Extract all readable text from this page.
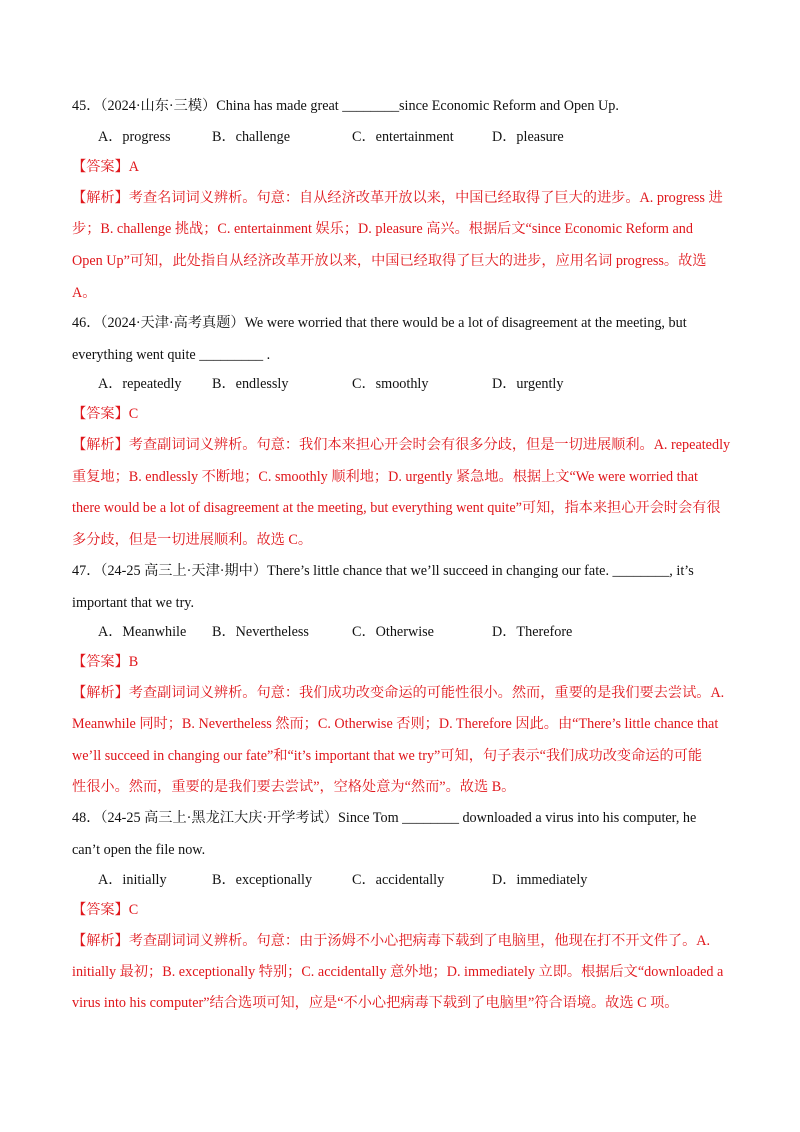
45．（2024·山东·三模）China has made great ________since Economic Reform and Open Up.
A．progress	B．challenge	C．entertainment	D．pleasure
【答案】A
【解析】考查名词词义辨析。句意：自从经济改革开放以来，中国已经取得了巨大的进步。A. progress 进
步；B. challenge 挑战；C. entertainment 娱乐；D. pleasure 高兴。根据后文“since Economic Reform and
Open Up”可知，此处指自从经济改革开放以来，中国已经取得了巨大的进步，应用名词 progress。故选
A。
46．（2024·天津·高考真题）We were worried that there would be a lot of disagreement at the meeting, but
everything went quite _________ .
A．repeatedly B．endlessly	C．smoothly	D．urgently
【答案】C
【解析】考查副词词义辨析。句意：我们本来担心开会时会有很多分歧，但是一切进展顺利。A. repeatedly
重复地；B. endlessly 不断地；C. smoothly 顺利地；D. urgently 紧急地。根据上文“We were worried that
there would be a lot of disagreement at the meeting, but everything went quite”可知，指本来担心开会时会有很
多分歧，但是一切进展顺利。故选 C。
47．（24-25 高三上·天津·期中）There’s little chance that we’ll succeed in changing our fate. ________, it’s
important that we try.
A．Meanwhile B．Nevertheless	C．Otherwise	D．Therefore
【答案】B
【解析】考查副词词义辨析。句意：我们成功改变命运的可能性很小。然而，重要的是我们要去尝试。A.
Meanwhile 同时；B. Nevertheless 然而；C. Otherwise 否则；D. Therefore 因此。由“There’s little chance that
we’ll succeed in changing our fate”和“it’s important that we try”可知，句子表示“我们成功改变命运的可能
性很小。然而，重要的是我们要去尝试”，空格处意为“然而”。故选 B。
48．（24-25 高三上·黑龙江大庆·开学考试）Since Tom ________ downloaded a virus into his computer, he
can’t open the file now.
A．initially	B．exceptionally	C．accidentally	D．immediately
【答案】C
【解析】考查副词词义辨析。句意：由于汤姆不小心把病毒下载到了电脑里，他现在打不开文件了。A.
initially 最初；B. exceptionally 特别；C. accidentally 意外地；D. immediately 立即。根据后文“downloaded a
virus into his computer”结合选项可知，应是“不小心把病毒下载到了电脑里”符合语境。故选 C 项。
